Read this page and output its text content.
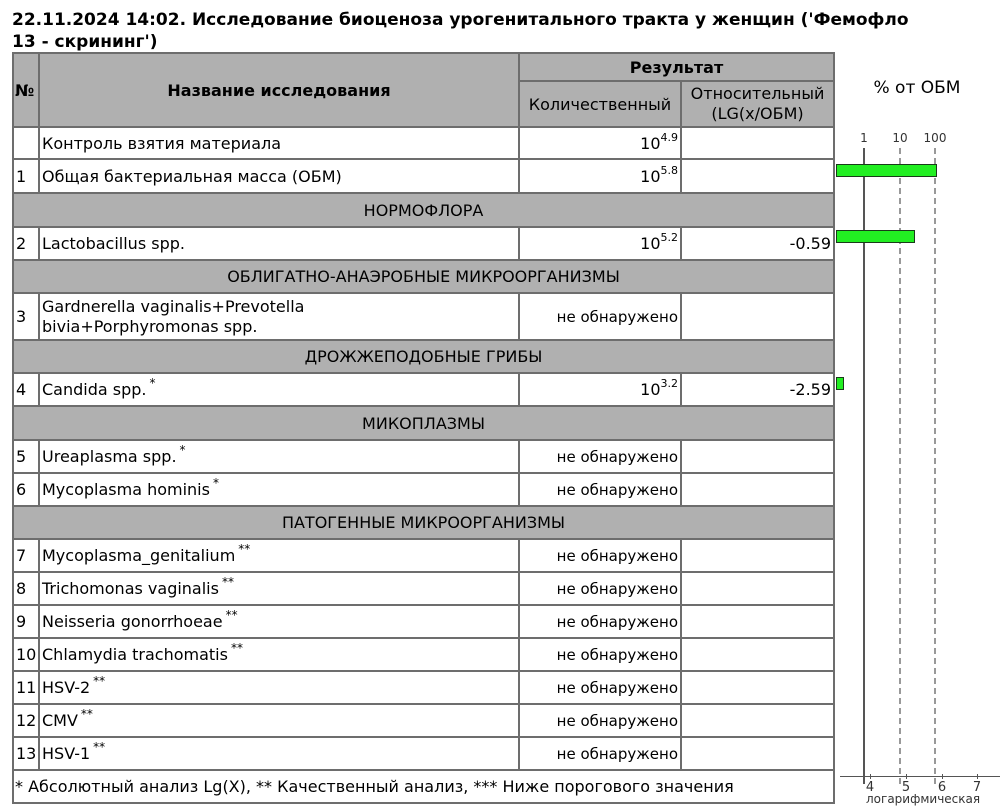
22.11.2024 14:02. Исследование биоценоза урогенитального тракта у женщин ('Фемофло
13 - скрининг')
№	Название исследования	Результат	
		Количественный	Относительный
(LG(x/ОБМ)

	Контроль взятия материала	$10^{4.9}$	
1	Общая бактериальная масса (ОБМ)	$10^{5.8}$	
НОРМОФЛОРА			
2	Lactobacillus spp.	$10^{5.2}$	-0.59
ОБЛИГАТНО-АНАЭРОБНЫЕ МИКРООРГАНИЗМЫ			
3	Gardnerella vaginalis+Prevotella
bivia+Porphyromonas spp.	не обнаружено	
ДРОЖЖЕПОДОБНЫЕ ГРИБЫ			
4	Candida spp. *	$10^{3.2}$	-2.59
МИКОПЛАЗМЫ			
5	Ureaplasma spp. *	не обнаружено	
6	Mycoplasma hominis *	не обнаружено	
ПАТОГЕННЫЕ МИКРООРГАНИЗМЫ			
7	Mycoplasma_genitalium **	не обнаружено	
8	Trichomonas vaginalis **	не обнаружено	
9	Neisseria gonorrhoeae **	не обнаружено	
10	Chlamydia trachomatis **	не обнаружено	
11	HSV-2 **	не обнаружено	
12	CMV **	не обнаружено	
13	HSV-1 **	не обнаружено	
* Абсолютный анализ Lg(X), ** Качественный анализ, *** Ниже порогового значения			
% от ОБМ
1 10 100
4 5 6 7
логарифмическая
